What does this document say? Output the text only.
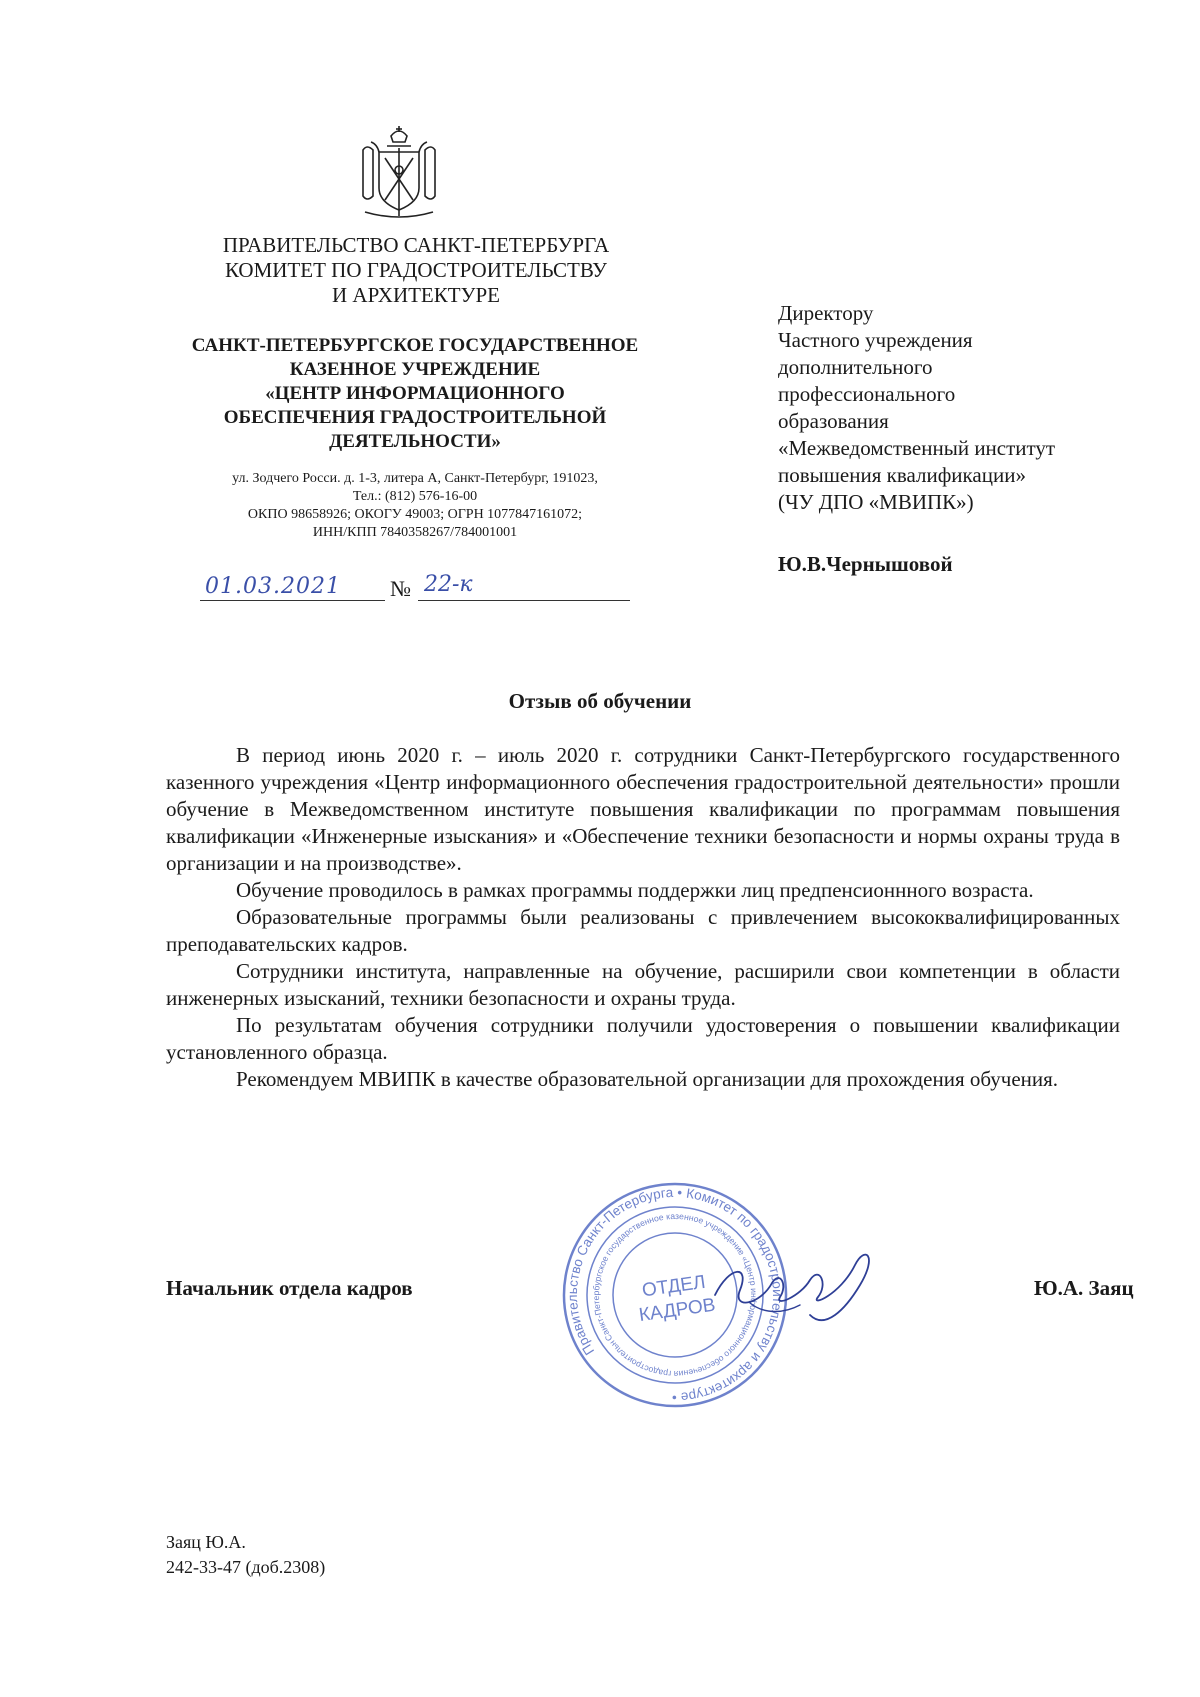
ПРАВИТЕЛЬСТВО САНКТ-ПЕТЕРБУРГА
КОМИТЕТ ПО ГРАДОСТРОИТЕЛЬСТВУ
И АРХИТЕКТУРЕ
САНКТ-ПЕТЕРБУРГСКОЕ ГОСУДАРСТВЕННОЕ
КАЗЕННОЕ УЧРЕЖДЕНИЕ
«ЦЕНТР ИНФОРМАЦИОННОГО
ОБЕСПЕЧЕНИЯ ГРАДОСТРОИТЕЛЬНОЙ
ДЕЯТЕЛЬНОСТИ»
ул. Зодчего Росси. д. 1-3, литера А, Санкт-Петербург, 191023,
Тел.: (812) 576-16-00
ОКПО 98658926; ОКОГУ 49003; ОГРН 1077847161072;
ИНН/КПП 7840358267/784001001
01.03.2021 № 22-к
Директору
Частного учреждения
дополнительного
профессионального
образования
«Межведомственный институт
повышения квалификации»
(ЧУ ДПО «МВИПК»)
Ю.В.Чернышовой
Отзыв об обучении

В период июнь 2020 г. – июль 2020 г. сотрудники Санкт-Петербургского государственного казенного учреждения «Центр информационного обеспечения градостроительной деятельности» прошли обучение в Межведомственном институте повышения квалификации по программам повышения квалификации «Инженерные изыскания» и «Обеспечение техники безопасности и нормы охраны труда в организации и на производстве».

Обучение проводилось в рамках программы поддержки лиц предпенсионнного возраста.

Образовательные программы были реализованы с привлечением высококвалифицированных преподавательских кадров.

Сотрудники института, направленные на обучение, расширили свои компетенции в области инженерных изысканий, техники безопасности и охраны труда.

По результатам обучения сотрудники получили удостоверения о повышении квалификации установленного образца.

Рекомендуем МВИПК в качестве образовательной организации для прохождения обучения.

Начальник отдела кадров	Ю.А. Заяц
Правительство Санкт-Петербурга • Комитет по градостроительству и архитектуре •
Санкт-Петербургское государственное казенное учреждение «Центр информационного обеспечения градостроительной
ОТДЕЛ
КАДРОВ
Заяц Ю.А.
242-33-47 (доб.2308)
